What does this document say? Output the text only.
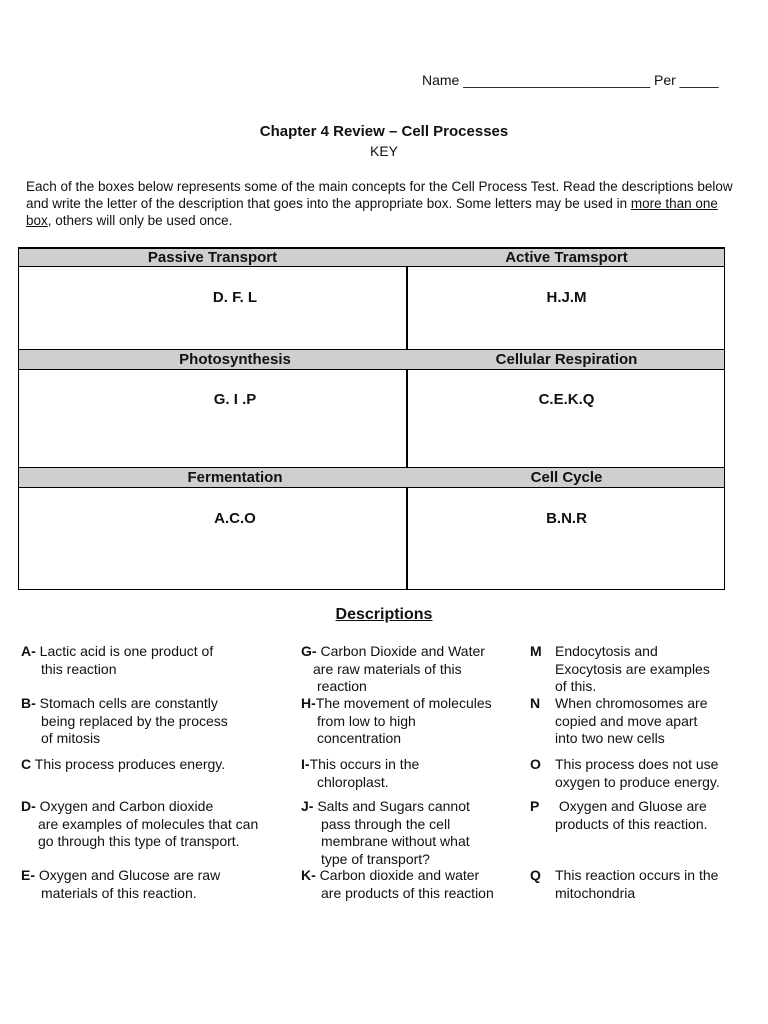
Name ________________________ Per _____
Chapter 4 Review – Cell Processes
KEY
Each of the boxes below represents some of the main concepts for the Cell Process Test. Read the descriptions below and write the letter of the description that goes into the appropriate box. Some letters may be used in more than one box, others will only be used once.
Passive Transport	Active Tramsport
D. F. L	H.J.M
Photosynthesis	Cellular Respiration
G. I .P	C.E.K.Q
Fermentation	Cell Cycle
A.C.O	B.N.R
Descriptions
A- Lactic acid is one product of
this reaction
B- Stomach cells are constantly
being replaced by the process
of mitosis
C This process produces energy.
D- Oxygen and Carbon dioxide
are examples of molecules that can
go through this type of transport.
E- Oxygen and Glucose are raw
materials of this reaction.
G- Carbon Dioxide and Water
are raw materials of this
reaction
H-The movement of molecules
from low to high
concentration
I-This occurs in the
chloroplast.
J- Salts and Sugars cannot
pass through the cell
membrane without what
type of transport?
K- Carbon dioxide and water
are products of this reaction
M Endocytosis and
Exocytosis are examples
of this.
N When chromosomes are
copied and move apart
into two new cells
O This process does not use
oxygen to produce energy.
P Oxygen and Gluose are
products of this reaction.
Q This reaction occurs in the
mitochondria
